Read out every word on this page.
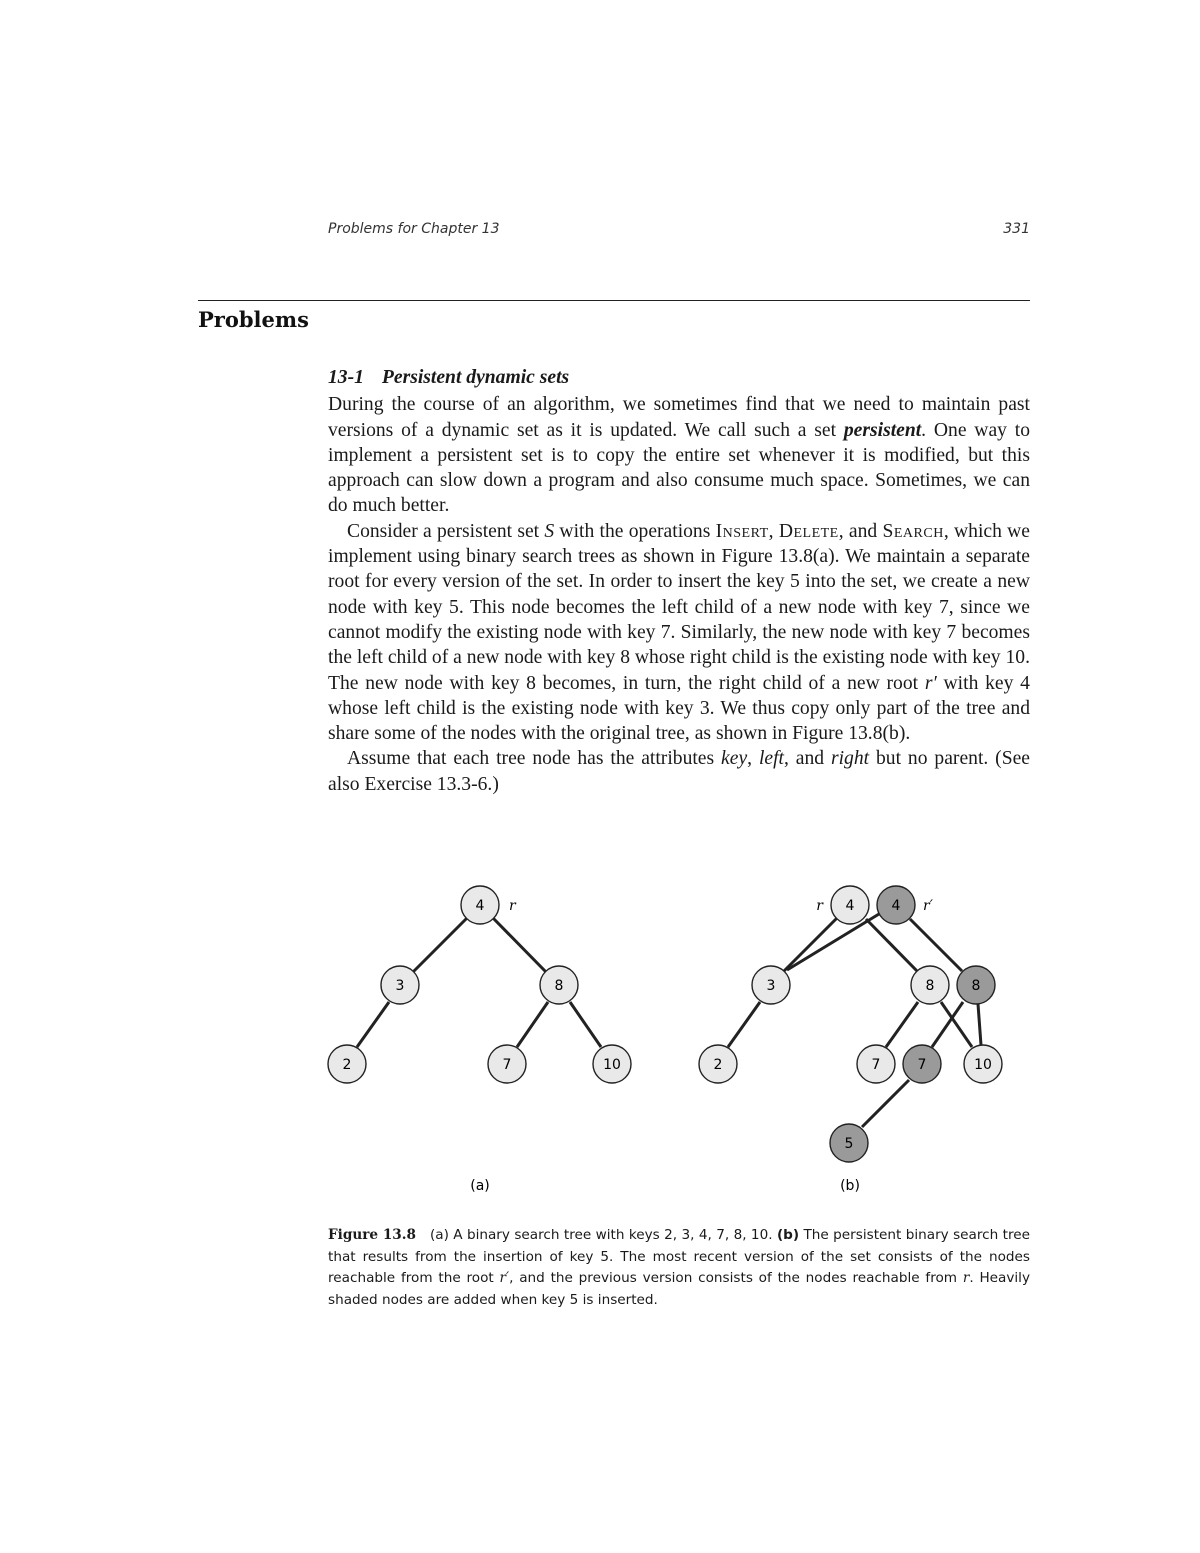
Problems for Chapter 13	331
Problems
13-1 Persistent dynamic sets

During the course of an algorithm, we sometimes find that we need to maintain past versions of a dynamic set as it is updated. We call such a set persistent. One way to implement a persistent set is to copy the entire set whenever it is modified, but this approach can slow down a program and also consume much space. Sometimes, we can do much better.

Consider a persistent set S with the operations Insert, Delete, and Search, which we implement using binary search trees as shown in Figure 13.8(a). We maintain a separate root for every version of the set. In order to insert the key 5 into the set, we create a new node with key 5. This node becomes the left child of a new node with key 7, since we cannot modify the existing node with key 7. Similarly, the new node with key 7 becomes the left child of a new node with key 8 whose right child is the existing node with key 10. The new node with key 8 becomes, in turn, the right child of a new root r′ with key 4 whose left child is the existing node with key 3. We thus copy only part of the tree and share some of the nodes with the original tree, as shown in Figure 13.8(b).

Assume that each tree node has the attributes key, left, and right but no parent. (See also Exercise 13.3-6.)

4
3	8
2	7	10
r
(a)
4	4
3	8	8
2	7	7	10
5
r	r′
(b)
Figure 13.8 (a) A binary search tree with keys 2, 3, 4, 7, 8, 10. (b) The persistent binary search tree that results from the insertion of key 5. The most recent version of the set consists of the nodes reachable from the root r′, and the previous version consists of the nodes reachable from r. Heavily shaded nodes are added when key 5 is inserted.
